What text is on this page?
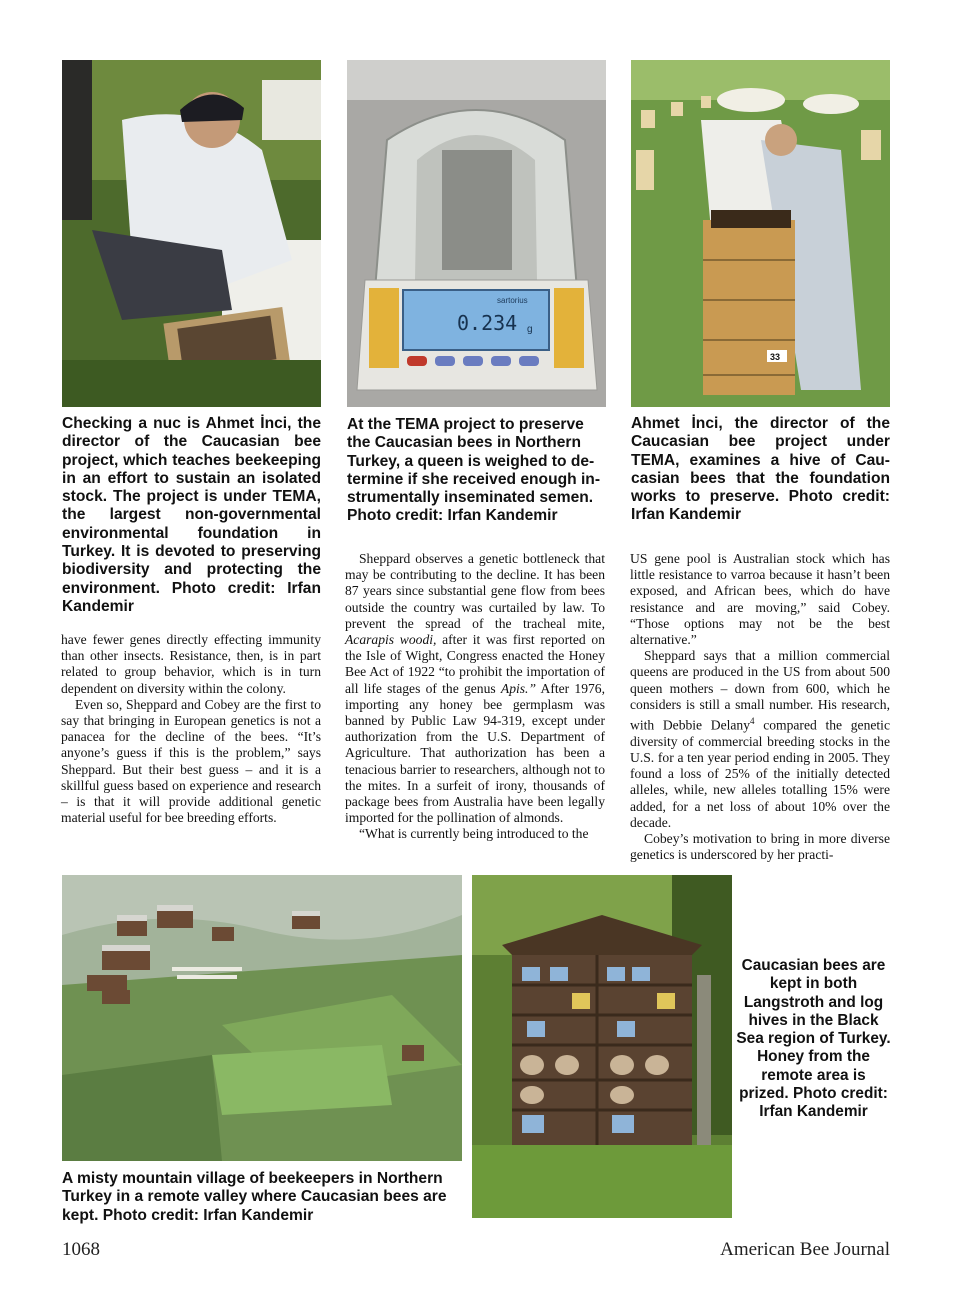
sartorius
0.234 g
33

Checking a nuc is Ahmet İnci, the director of the Caucasian bee project, which teaches beekeeping in an effort to sustain an isolated stock. The project is under TEMA, the largest non-governmental environmental foundation in Turkey. It is devoted to preserving biodiversity and protecting the environment. Photo credit: Irfan Kandemir

At the TEMA project to preserve the Caucasian bees in Northern Turkey, a queen is weighed to determine if she received enough instrumentally inseminated semen. Photo credit: Irfan Kandemir

Ahmet İnci, the director of the Caucasian bee project under TEMA, examines a hive of Caucasian bees that the foundation works to preserve. Photo credit: Irfan Kandemir

have fewer genes directly effecting immunity than other insects. Resistance, then, is in part related to group behavior, which is in turn dependent on diversity within the colony.

Even so, Sheppard and Cobey are the first to say that bringing in European genetics is not a panacea for the decline of the bees. “It’s anyone’s guess if this is the problem,” says Sheppard. But their best guess – and it is a skillful guess based on experience and research – is that it will provide additional genetic material useful for bee breeding efforts.

Sheppard observes a genetic bottleneck that may be contributing to the decline. It has been 87 years since substantial gene flow from bees outside the country was curtailed by law. To prevent the spread of the tracheal mite, Acarapis woodi, after it was first reported on the Isle of Wight, Congress enacted the Honey Bee Act of 1922 “to prohibit the importation of all life stages of the genus Apis.” After 1976, importing any honey bee germplasm was banned by Public Law 94-319, except under authorization from the U.S. Department of Agriculture. That authorization has been a tenacious barrier to researchers, although not to the mites. In a surfeit of irony, thousands of package bees from Australia have been legally imported for the pollination of almonds.

“What is currently being introduced to the

US gene pool is Australian stock which has little resistance to varroa because it hasn’t been exposed, and African bees, which do have resistance and are moving,” said Cobey. “Those options may not be the best alternative.”

Sheppard says that a million commercial queens are produced in the US from about 500 queen mothers – down from 600, which he considers is still a small number. His research, with Debbie Delany$^4$ compared the genetic diversity of commercial breeding stocks in the U.S. for a ten year period ending in 2005. They found a loss of 25% of the initially detected alleles, while, new alleles totalling 15% were added, for a net loss of about 10% over the decade.

Cobey’s motivation to bring in more diverse genetics is underscored by her practi-

A misty mountain village of beekeepers in Northern Turkey in a remote valley where Caucasian bees are kept. Photo credit: Irfan Kandemir

Caucasian bees are kept in both Langstroth and log hives in the Black Sea region of Turkey. Honey from the remote area is prized. Photo credit: Irfan Kandemir

1068	American Bee Journal
